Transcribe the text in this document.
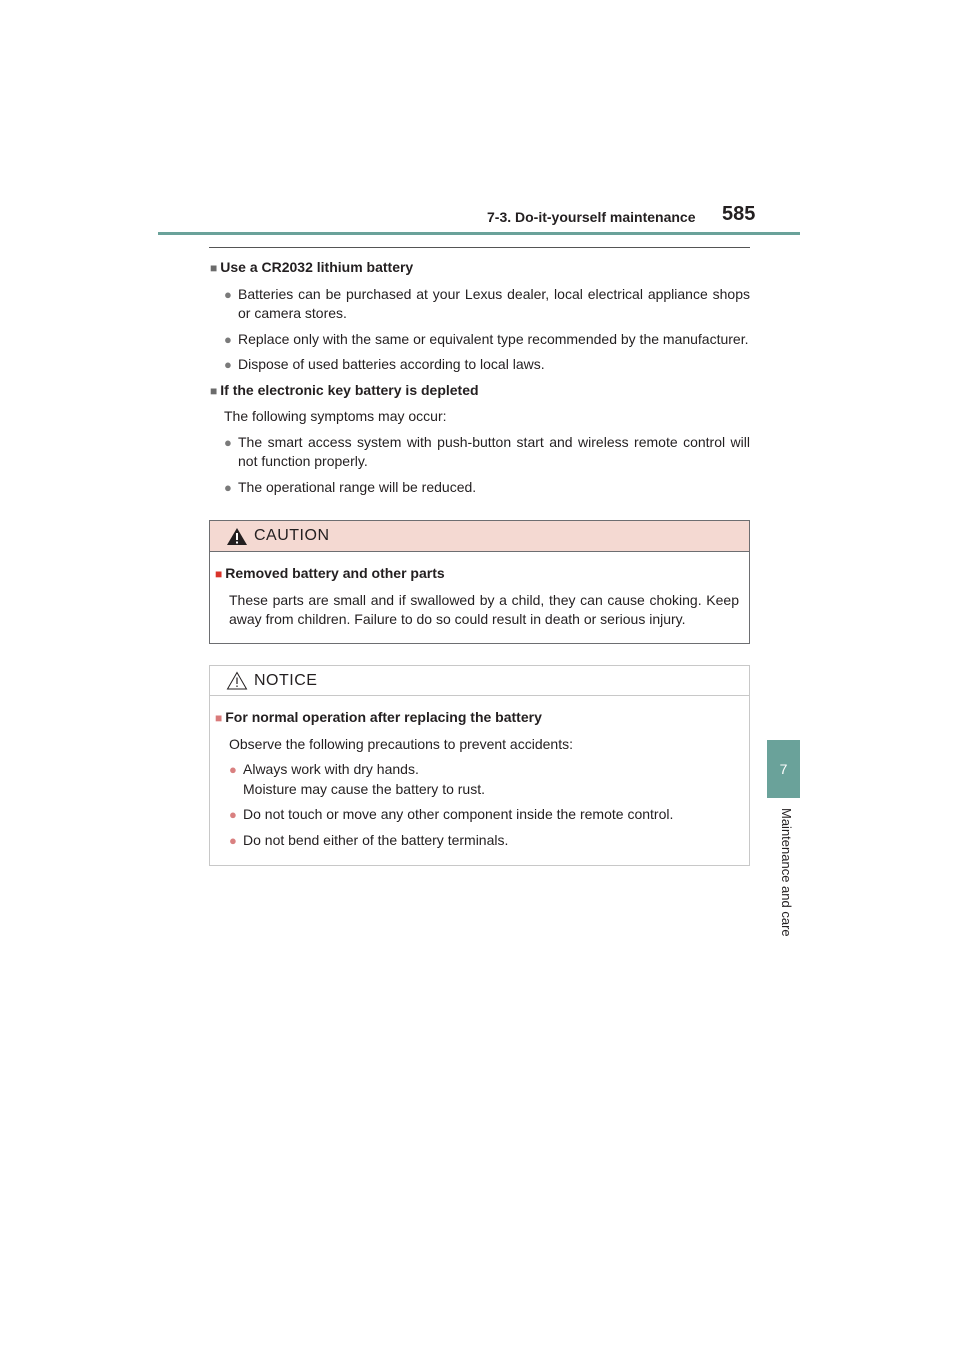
7-3. Do-it-yourself maintenance 585
7
Maintenance and care
■ Use a CR2032 lithium battery
● Batteries can be purchased at your Lexus dealer, local electrical appliance shops or camera stores.
● Replace only with the same or equivalent type recommended by the manufacturer.
● Dispose of used batteries according to local laws.
■ If the electronic key battery is depleted
The following symptoms may occur:
● The smart access system with push-button start and wireless remote control will not function properly.
● The operational range will be reduced.
CAUTION
■ Removed battery and other parts
These parts are small and if swallowed by a child, they can cause choking. Keep away from children. Failure to do so could result in death or serious injury.
NOTICE
■ For normal operation after replacing the battery
Observe the following precautions to prevent accidents:
● Always work with dry hands.
Moisture may cause the battery to rust.
● Do not touch or move any other component inside the remote control.
● Do not bend either of the battery terminals.
